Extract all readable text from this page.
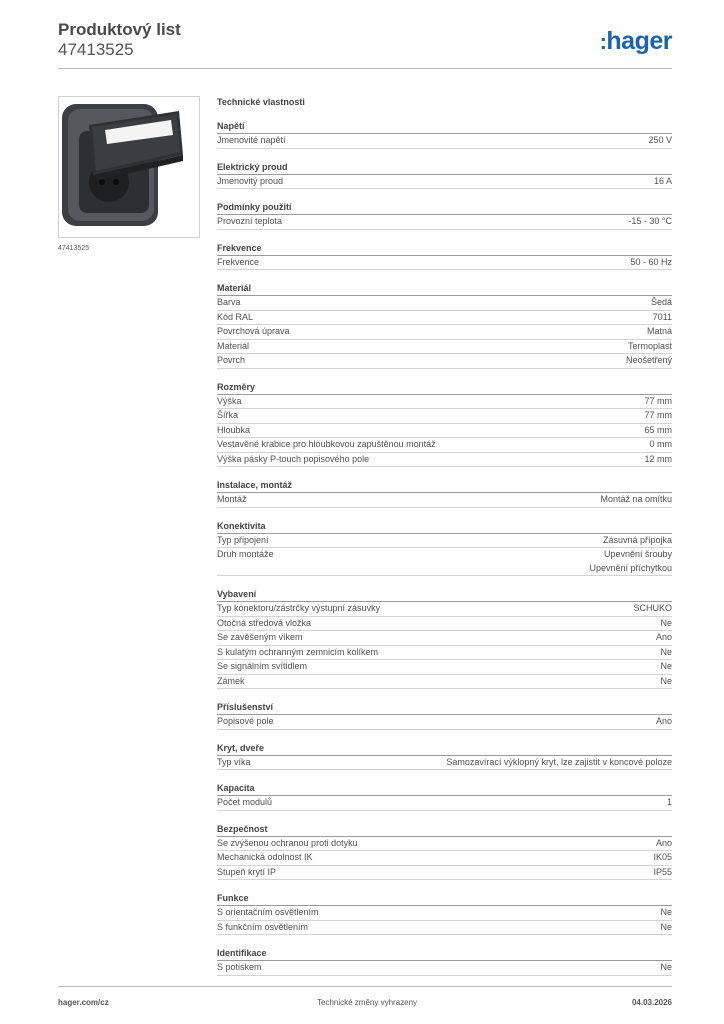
Produktový list
47413525	:hager
47413525
Technické vlastnosti
Napětí
Jmenovité napětí	250 V
Elektrický proud
Jmenovitý proud	16 A
Podmínky použití
Provozní teplota	-15 - 30 °C
Frekvence
Frekvence	50 - 60 Hz
Materiál
Barva	Šedá
Kód RAL	7011
Povrchová úprava	Matná
Materiál	Termoplast
Povrch	Neošetřený
Rozměry
Výška	77 mm
Šířka	77 mm
Hloubka	65 mm
Vestavěné krabice pro hloubkovou zapuštěnou montáž	0 mm
Výška pásky P-touch popisového pole	12 mm
Instalace, montáž
Montáž	Montáž na omítku
Konektivita
Typ připojení	Zásuvná přípojka
Druh montáže	Upevnění šrouby
Upevnění příchytkou
Vybavení
Typ konektoru/zástrčky výstupní zásuvky	SCHUKO
Otočná středová vložka	Ne
Se zavěšeným víkem	Ano
S kulatým ochranným zemnicím kolíkem	Ne
Se signálním svítidlem	Ne
Zámek	Ne
Příslušenství
Popisové pole	Ano
Kryt, dveře
Typ víka	Samozavírací výklopný kryt, lze zajistit v koncové poloze
Kapacita
Počet modulů	1
Bezpečnost
Se zvýšenou ochranou proti dotyku	Ano
Mechanická odolnost IK	IK05
Stupeň krytí IP	IP55
Funkce
S orientačním osvětlením	Ne
S funkčním osvětlením	Ne
Identifikace
S potiskem	Ne
hager.com/cz	Technické změny vyhrazeny	04.03.2026
